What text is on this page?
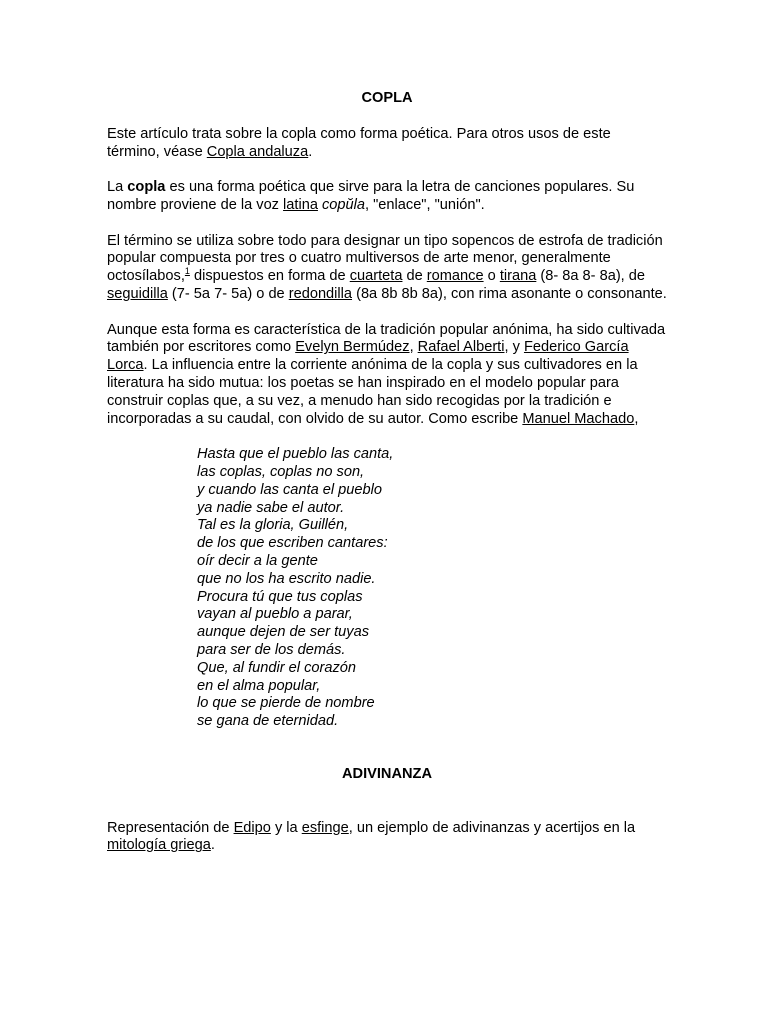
COPLA

Este artículo trata sobre la copla como forma poética. Para otros usos de este término, véase Copla andaluza.

La copla es una forma poética que sirve para la letra de canciones populares. Su nombre proviene de la voz latina copŭla, "enlace", "unión".

El término se utiliza sobre todo para designar un tipo sopencos de estrofa de tradición popular compuesta por tres o cuatro multiversos de arte menor, generalmente octosílabos,$^1$ dispuestos en forma de cuarteta de romance o tirana (8- 8a 8- 8a), de seguidilla (7- 5a 7- 5a) o de redondilla (8a 8b 8b 8a), con rima asonante o consonante.

Aunque esta forma es característica de la tradición popular anónima, ha sido cultivada también por escritores como Evelyn Bermúdez, Rafael Alberti, y Federico García Lorca. La influencia entre la corriente anónima de la copla y sus cultivadores en la literatura ha sido mutua: los poetas se han inspirado en el modelo popular para construir coplas que, a su vez, a menudo han sido recogidas por la tradición e incorporadas a su caudal, con olvido de su autor. Como escribe Manuel Machado,

Hasta que el pueblo las canta,
las coplas, coplas no son,
y cuando las canta el pueblo
ya nadie sabe el autor.
Tal es la gloria, Guillén,
de los que escriben cantares:
oír decir a la gente
que no los ha escrito nadie.
Procura tú que tus coplas
vayan al pueblo a parar,
aunque dejen de ser tuyas
para ser de los demás.
Que, al fundir el corazón
en el alma popular,
lo que se pierde de nombre
se gana de eternidad.
ADIVINANZA

Representación de Edipo y la esfinge, un ejemplo de adivinanzas y acertijos en la mitología griega.
